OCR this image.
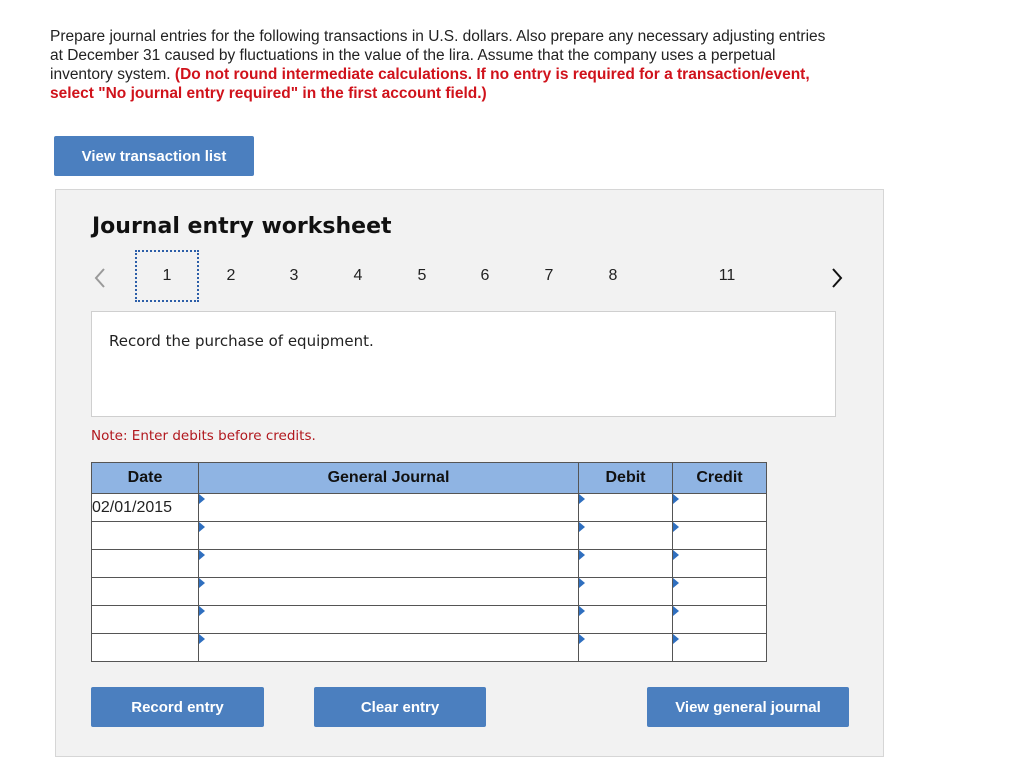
Prepare journal entries for the following transactions in U.S. dollars. Also prepare any necessary adjusting entries at December 31 caused by fluctuations in the value of the lira. Assume that the company uses a perpetual inventory system. (Do not round intermediate calculations. If no entry is required for a transaction/event, select "No journal entry required" in the first account field.)
View transaction list
Journal entry worksheet
1	2	3	4	5	6	7	8	11
Record the purchase of equipment.
Note: Enter debits before credits.
Date	General Journal	Debit	Credit
02/01/2015	

Record entry	Clear entry	View general journal
